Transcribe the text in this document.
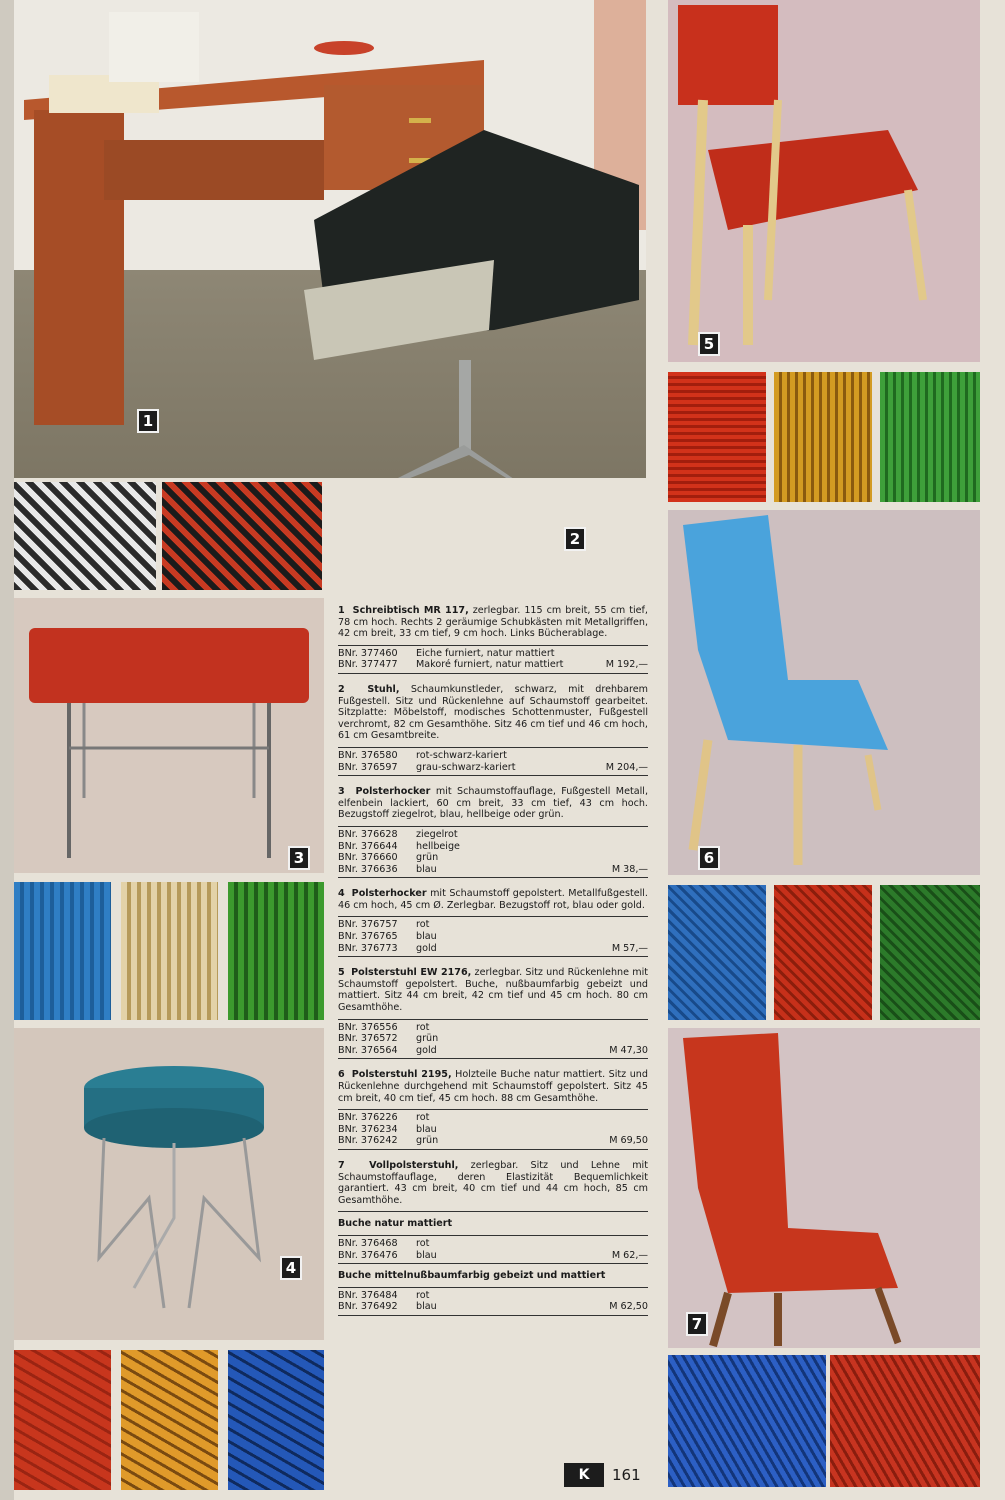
1
2
3
4
5
6
7

1 Schreibtisch MR 117, zerlegbar. 115 cm breit, 55 cm tief, 78 cm hoch. Rechts 2 geräumige Schubkästen mit Metallgriffen, 42 cm breit, 33 cm tief, 9 cm hoch. Links Bücherablage.

BNr. 377460	Eiche furniert, natur mattiert
BNr. 377477	Makoré furniert, natur mattiert	M 192,—

2 Stuhl, Schaumkunstleder, schwarz, mit drehbarem Fußgestell. Sitz und Rückenlehne auf Schaumstoff gearbeitet. Sitzplatte: Möbelstoff, modisches Schottenmuster, Fußgestell verchromt, 82 cm Gesamthöhe. Sitz 46 cm tief und 46 cm hoch, 61 cm Gesamtbreite.

BNr. 376580	rot-schwarz-kariert
BNr. 376597	grau-schwarz-kariert	M 204,—

3 Polsterhocker mit Schaumstoffauflage, Fußgestell Metall, elfenbein lackiert, 60 cm breit, 33 cm tief, 43 cm hoch. Bezugstoff ziegelrot, blau, hellbeige oder grün.

BNr. 376628	ziegelrot
BNr. 376644	hellbeige
BNr. 376660	grün
BNr. 376636	blau	M 38,—

4 Polsterhocker mit Schaumstoff gepolstert. Metallfußgestell. 46 cm hoch, 45 cm Ø. Zerlegbar. Bezugstoff rot, blau oder gold.

BNr. 376757	rot
BNr. 376765	blau
BNr. 376773	gold	M 57,—

5 Polsterstuhl EW 2176, zerlegbar. Sitz und Rückenlehne mit Schaumstoff gepolstert. Buche, nußbaumfarbig gebeizt und mattiert. Sitz 44 cm breit, 42 cm tief und 45 cm hoch. 80 cm Gesamthöhe.

BNr. 376556	rot
BNr. 376572	grün
BNr. 376564	gold	M 47,30

6 Polsterstuhl 2195, Holzteile Buche natur mattiert. Sitz und Rückenlehne durchgehend mit Schaumstoff gepolstert. Sitz 45 cm breit, 40 cm tief, 45 cm hoch. 88 cm Gesamthöhe.

BNr. 376226	rot
BNr. 376234	blau
BNr. 376242	grün	M 69,50

7	Vollpolsterstuhl, zerlegbar. Sitz und Lehne mit Schaumstoffauflage, deren Elastizität Bequemlichkeit garantiert. 43 cm breit, 40 cm tief und 44 cm hoch, 85 cm Gesamthöhe.

Buche natur mattiert
BNr. 376468	rot
BNr. 376476	blau	M 62,—
Buche mittelnußbaumfarbig gebeizt und mattiert
BNr. 376484	rot
BNr. 376492	blau	M 62,50
K	161
